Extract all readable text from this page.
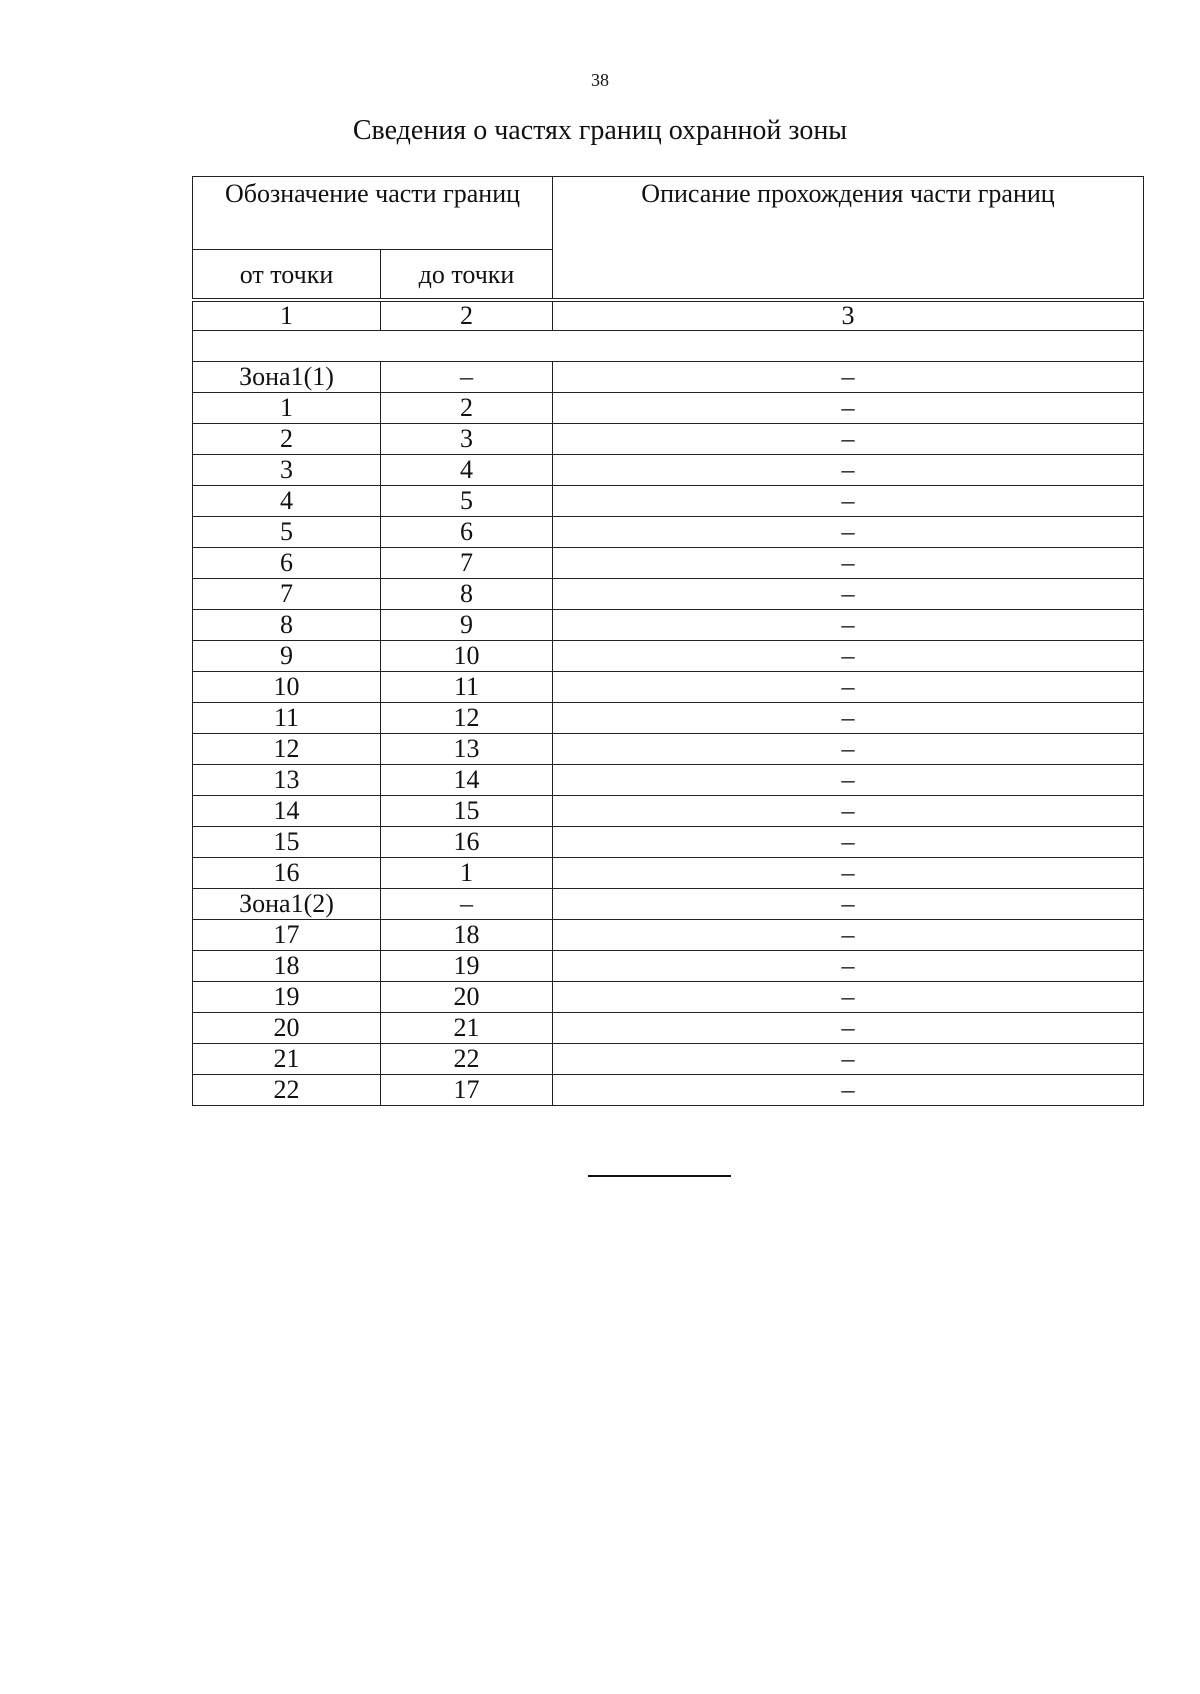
38
Сведения о частях границ охранной зоны
Обозначение части границ		Описание прохождения части границ
от точки	до точки	

1	2	3

Зона1(1)	–	–
1	2	–
2	3	–
3	4	–
4	5	–
5	6	–
6	7	–
7	8	–
8	9	–
9	10	–
10	11	–
11	12	–
12	13	–
13	14	–
14	15	–
15	16	–
16	1	–
Зона1(2)	–	–
17	18	–
18	19	–
19	20	–
20	21	–
21	22	–
22	17	–
